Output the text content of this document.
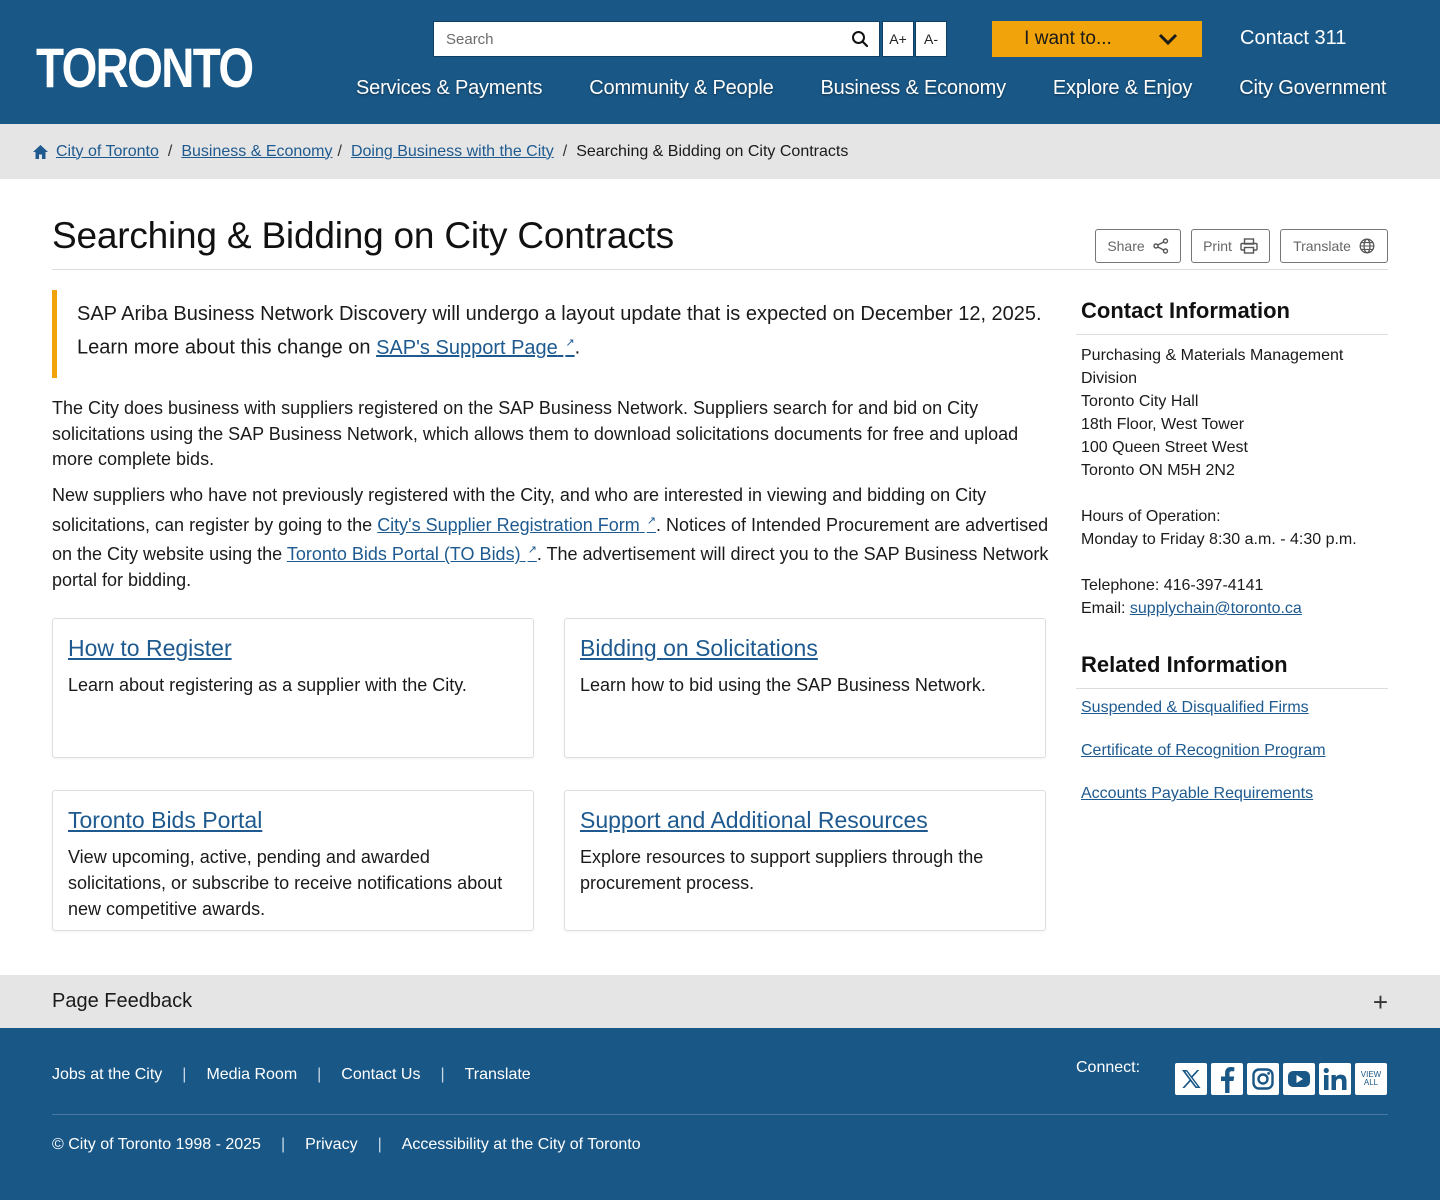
TORONTO
Search	A+	A-	I want to...	Contact 311
Services & Payments Community & People Business & Economy Explore & Enjoy City Government
City of Toronto / Business & Economy / Doing Business with the City / Searching & Bidding on City Contracts
Searching & Bidding on City Contracts	Share	Print	Translate
SAP Ariba Business Network Discovery will undergo a layout update that is expected on December 12, 2025. Learn more about this change on SAP's Support Page ↗.

The City does business with suppliers registered on the SAP Business Network. Suppliers search for and bid on City solicitations using the SAP Business Network, which allows them to download solicitations documents for free and upload more complete bids.

New suppliers who have not previously registered with the City, and who are interested in viewing and bidding on City solicitations, can register by going to the City's Supplier Registration Form ↗. Notices of Intended Procurement are advertised on the City website using the Toronto Bids Portal (TO Bids) ↗. The advertisement will direct you to the SAP Business Network portal for bidding.

How to Register

Learn about registering as a supplier with the City.

Bidding on Solicitations

Learn how to bid using the SAP Business Network.

Toronto Bids Portal

View upcoming, active, pending and awarded solicitations, or subscribe to receive notifications about new competitive awards.

Support and Additional Resources

Explore resources to support suppliers through the procurement process.

Contact Information
Purchasing & Materials Management
Division
Toronto City Hall
18th Floor, West Tower
100 Queen Street West
Toronto ON M5H 2N2
Hours of Operation:
Monday to Friday 8:30 a.m. - 4:30 p.m.
Telephone: 416-397-4141
Email: supplychain@toronto.ca
Related Information
Suspended & Disqualified Firms
Certificate of Recognition Program
Accounts Payable Requirements
Page Feedback	+
Jobs at the City | Media Room | Contact Us | Translate	Connect:	VIEW
ALL
© City of Toronto 1998 - 2025 | Privacy | Accessibility at the City of Toronto
